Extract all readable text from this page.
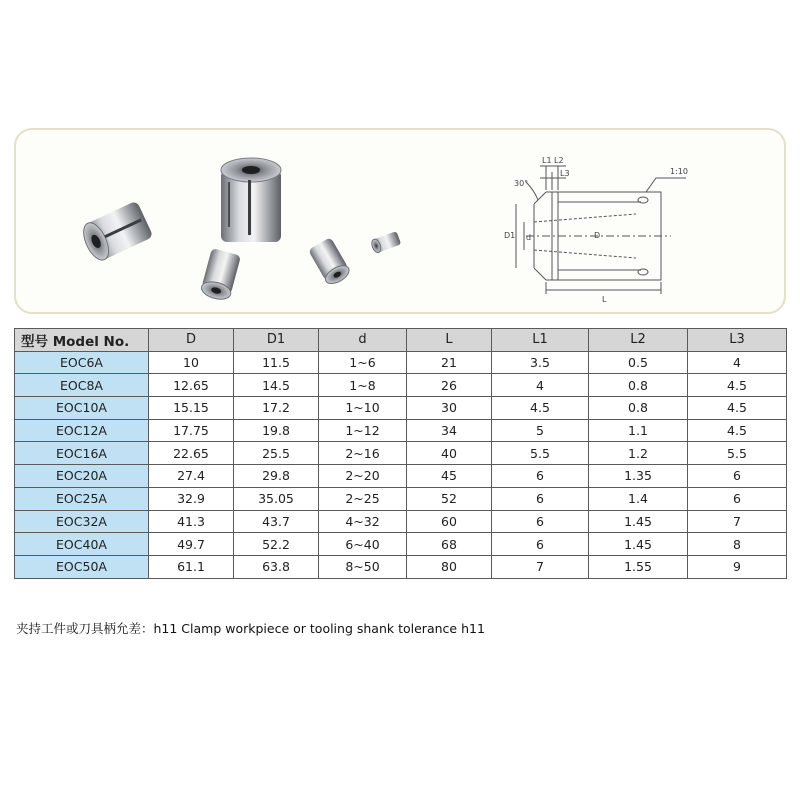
L1 L2
L3
30°
1:10
D1 d	D
L
型号 Model No.	D	D1	d	L	L1	L2	L3
EOC6A	10	11.5	1~6	21	3.5	0.5	4
EOC8A	12.65	14.5	1~8	26	4	0.8	4.5
EOC10A	15.15	17.2	1~10	30	4.5	0.8	4.5
EOC12A	17.75	19.8	1~12	34	5	1.1	4.5
EOC16A	22.65	25.5	2~16	40	5.5	1.2	5.5
EOC20A	27.4	29.8	2~20	45	6	1.35	6
EOC25A	32.9	35.05	2~25	52	6	1.4	6
EOC32A	41.3	43.7	4~32	60	6	1.45	7
EOC40A	49.7	52.2	6~40	68	6	1.45	8
EOC50A	61.1	63.8	8~50	80	7	1.55	9
夹持工件或刀具柄允差：h11 Clamp workpiece or tooling shank tolerance h11
